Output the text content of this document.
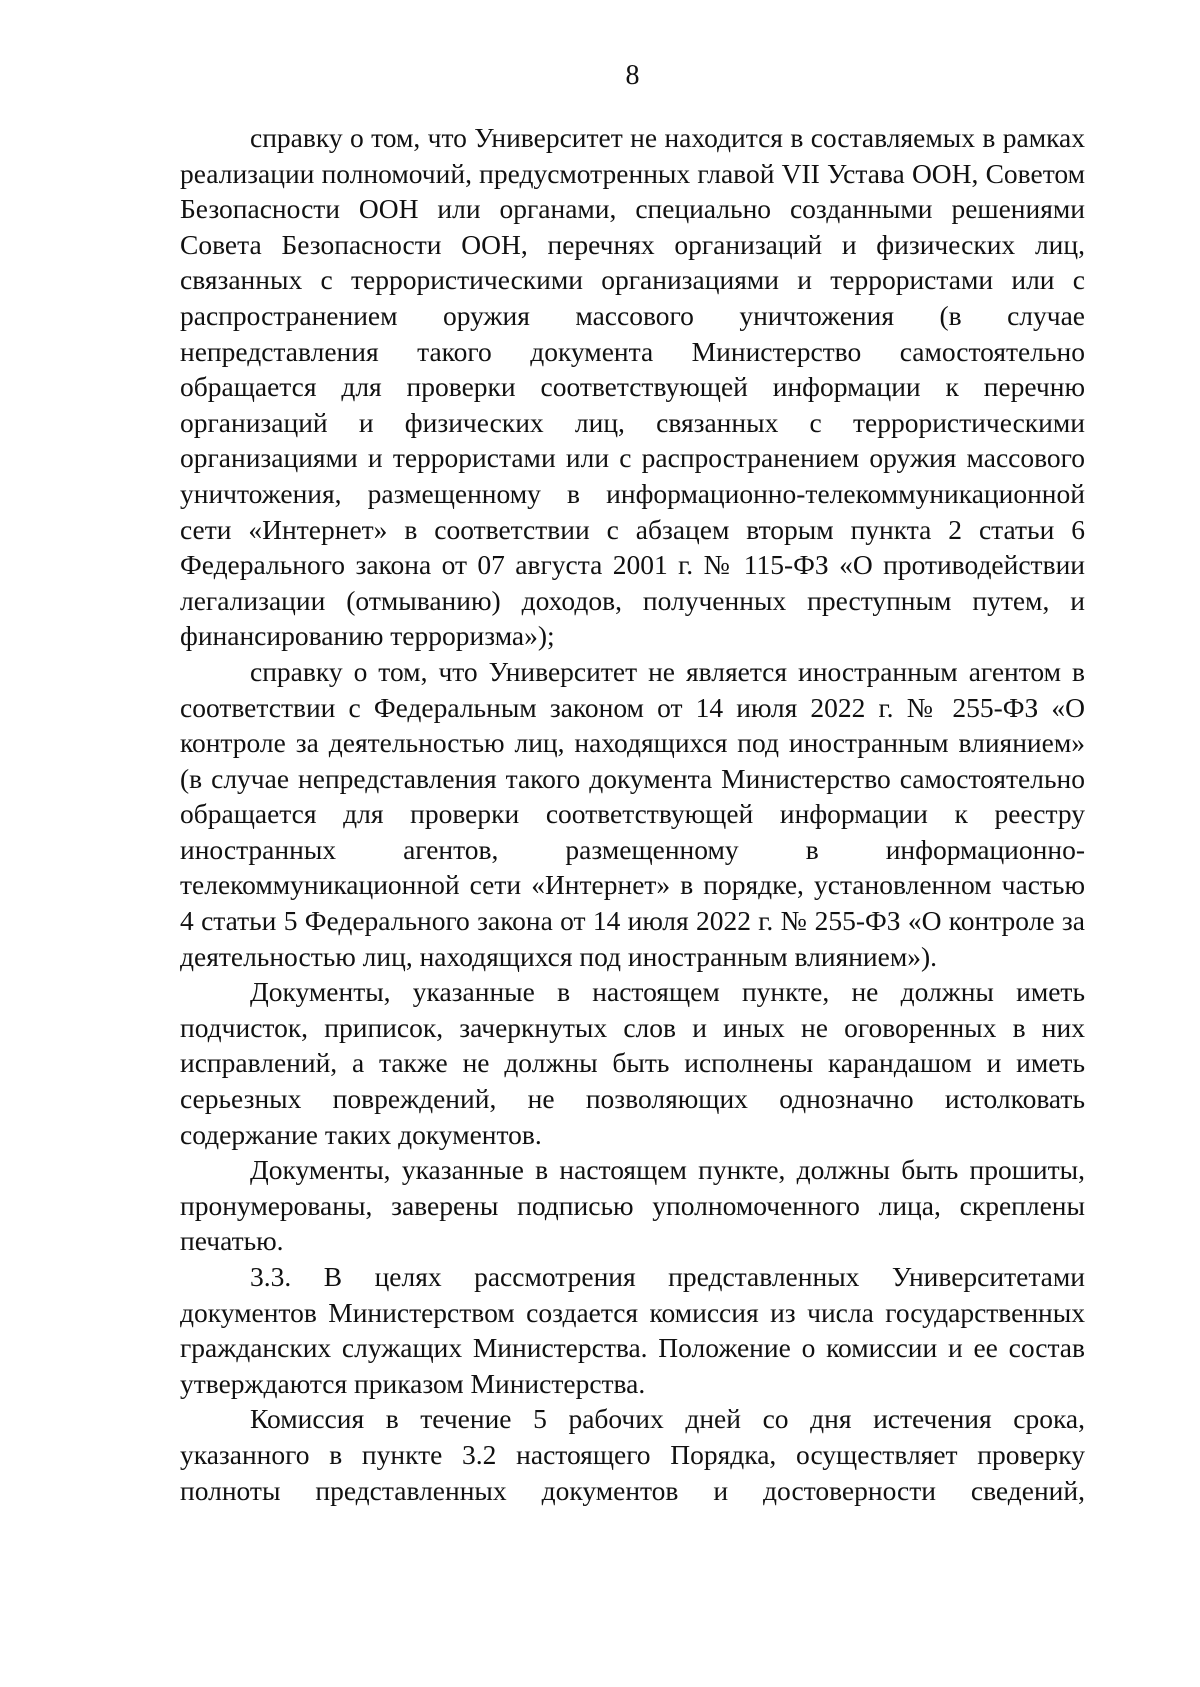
8

справку о том, что Университет не находится в составляемых в рамках реализации полномочий, предусмотренных главой VII Устава ООН, Советом Безопасности ООН или органами, специально созданными решениями Совета Безопасности ООН, перечнях организаций и физических лиц, связанных с террористическими организациями и террористами или с распространением оружия массового уничтожения (в случае непредставления такого документа Министерство самостоятельно обращается для проверки соответствующей информации к перечню организаций и физических лиц, связанных с террористическими организациями и террористами или с распространением оружия массового уничтожения, размещенному в информационно-телекоммуникационной сети «Интернет» в соответствии с абзацем вторым пункта 2 статьи 6 Федерального закона от 07 августа 2001 г. № 115-ФЗ «О противодействии легализации (отмыванию) доходов, полученных преступным путем, и финансированию терроризма»);

справку о том, что Университет не является иностранным агентом в соответствии с Федеральным законом от 14 июля 2022 г. № 255-ФЗ «О контроле за деятельностью лиц, находящихся под иностранным влиянием» (в случае непредставления такого документа Министерство самостоятельно обращается для проверки соответствующей информации к реестру иностранных агентов, размещенному в информационно-телекоммуникационной сети «Интернет» в порядке, установленном частью 4 статьи 5 Федерального закона от 14 июля 2022 г. № 255-ФЗ «О контроле за деятельностью лиц, находящихся под иностранным влиянием»).

Документы, указанные в настоящем пункте, не должны иметь подчисток, приписок, зачеркнутых слов и иных не оговоренных в них исправлений, а также не должны быть исполнены карандашом и иметь серьезных повреждений, не позволяющих однозначно истолковать содержание таких документов.

Документы, указанные в настоящем пункте, должны быть прошиты, пронумерованы, заверены подписью уполномоченного лица, скреплены печатью.

3.3. В целях рассмотрения представленных Университетами документов Министерством создается комиссия из числа государственных гражданских служащих Министерства. Положение о комиссии и ее состав утверждаются приказом Министерства.

Комиссия в течение 5 рабочих дней со дня истечения срока, указанного в пункте 3.2 настоящего Порядка, осуществляет проверку полноты представленных документов и достоверности сведений,
